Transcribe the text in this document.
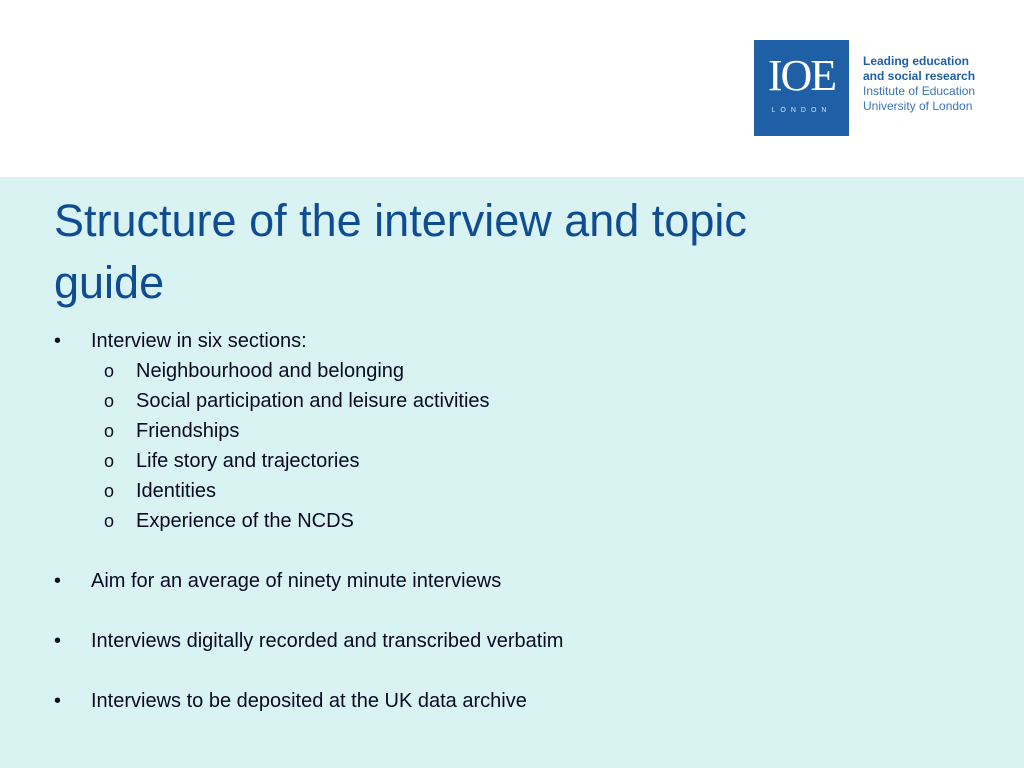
IOE
LONDON
Leading education
and social research
Institute of Education
University of London
Structure of the interview and topic
guide
• Interview in six sections:
o Neighbourhood and belonging
o Social participation and leisure activities
o Friendships
o Life story and trajectories
o Identities
o Experience of the NCDS
• Aim for an average of ninety minute interviews
• Interviews digitally recorded and transcribed verbatim
• Interviews to be deposited at the UK data archive
